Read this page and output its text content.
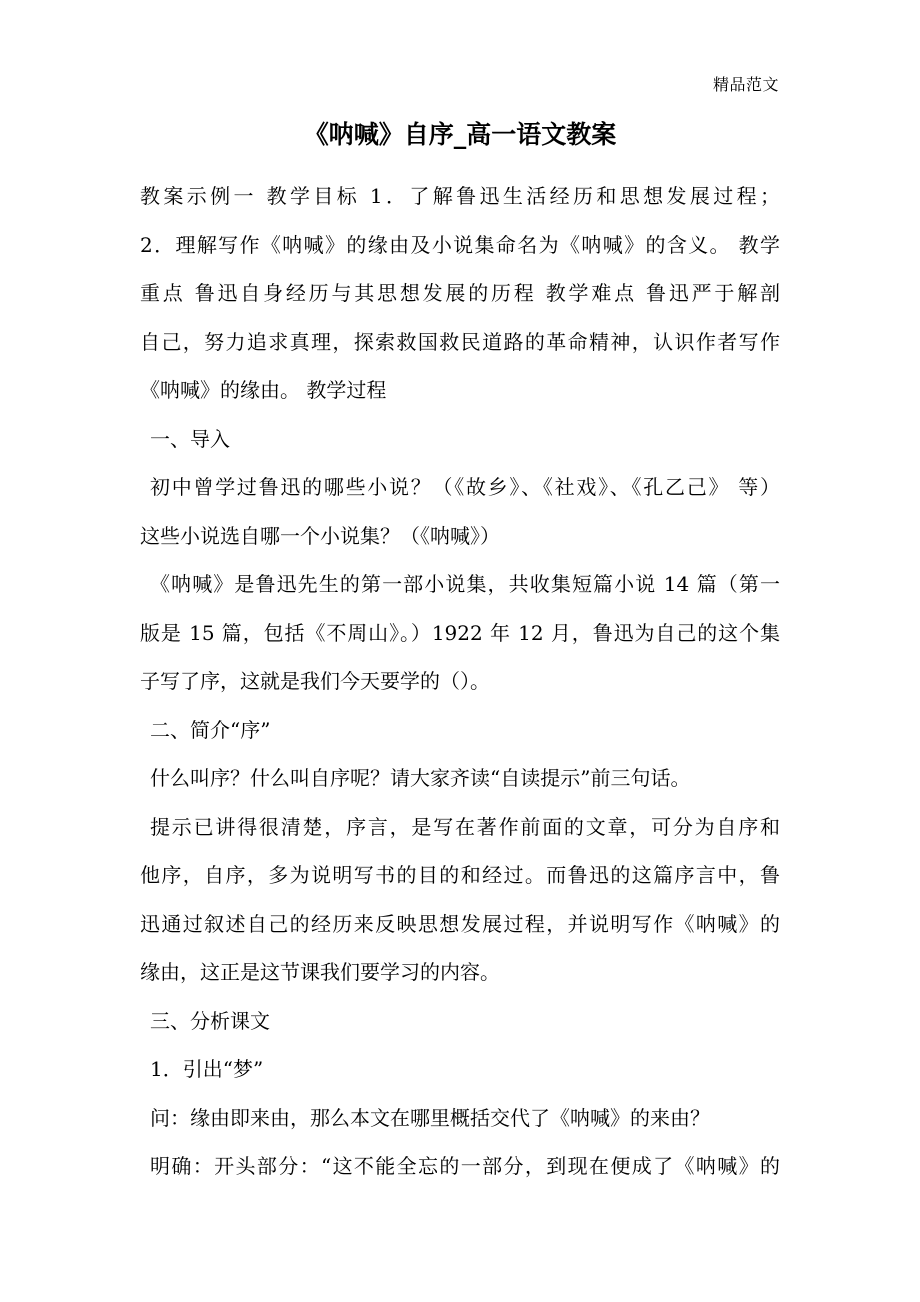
精品范文
《呐喊》自序_高一语文教案
教案示例一 教学目标 1．了解鲁迅生活经历和思想发展过程；
2．理解写作《呐喊》的缘由及小说集命名为《呐喊》的含义。 教学
重点 鲁迅自身经历与其思想发展的历程 教学难点 鲁迅严于解剖
自己，努力追求真理，探索救国救民道路的革命精神，认识作者写作
《呐喊》的缘由。 教学过程
一、导入
初中曾学过鲁迅的哪些小说？（《故乡》、《社戏》、《孔乙己》 等）
这些小说选自哪一个小说集？（《呐喊》）
《呐喊》是鲁迅先生的第一部小说集，共收集短篇小说 14 篇（第一
版是 15 篇，包括《不周山》。）1922 年 12 月，鲁迅为自己的这个集
子写了序，这就是我们今天要学的（）。
二、简介“序”
什么叫序？什么叫自序呢？请大家齐读“自读提示”前三句话。
提示已讲得很清楚，序言，是写在著作前面的文章，可分为自序和
他序，自序，多为说明写书的目的和经过。而鲁迅的这篇序言中，鲁
迅通过叙述自己的经历来反映思想发展过程，并说明写作《呐喊》的
缘由，这正是这节课我们要学习的内容。
三、分析课文
1．引出“梦”
问：缘由即来由，那么本文在哪里概括交代了《呐喊》的来由？
明确：开头部分：“这不能全忘的一部分，到现在便成了《呐喊》的
